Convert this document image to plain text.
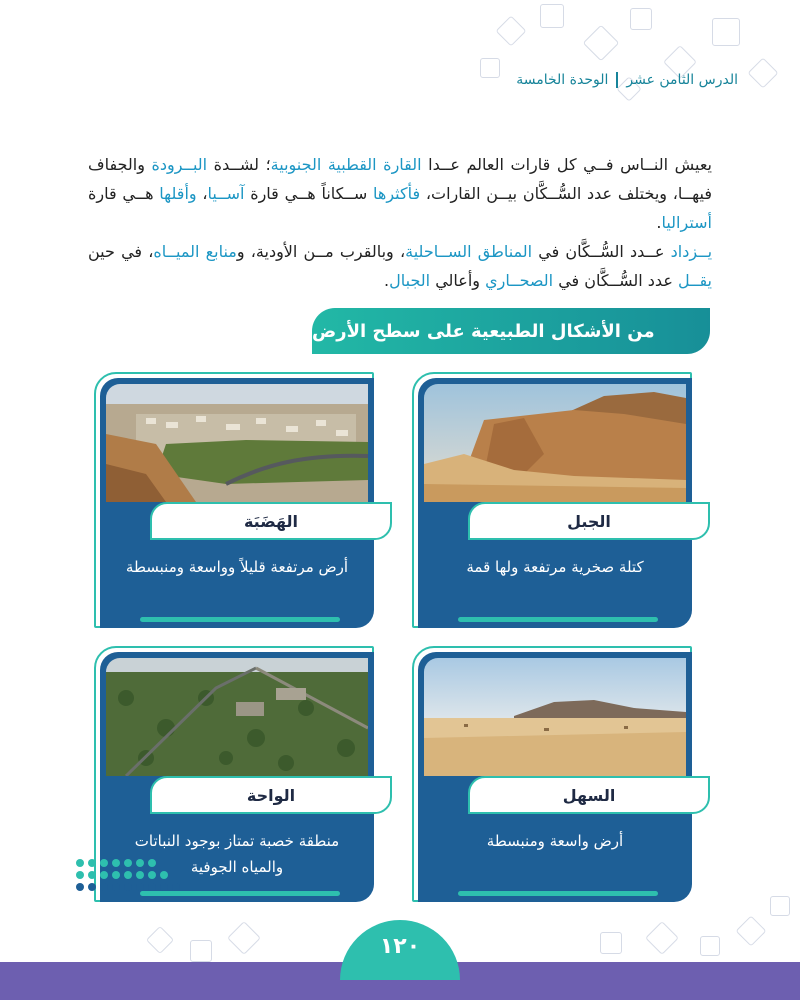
الوحدة الخامسة الدرس الثامن عشر

يعيش النــاس فــي كل قارات العالم عــدا القارة القطبية الجنوبية؛ لشــدة البــرودة والجفاف فيهــا، ويختلف عدد السُّــكَّان بيــن القارات، فأكثرها ســكاناً هــي قارة آســيا، وأقلها هــي قارة أستراليا.

يــزداد عــدد السُّــكَّان في المناطق الســاحلية، وبالقرب مــن الأودية، ومنابع الميــاه، في حين يقــل عدد السُّــكَّان في الصحــاري وأعالي الجبال.

من الأشكال الطبيعية على سطح الأرض
كتلة صخرية مرتفعة ولها قمة
الجبل
أرض مرتفعة قليلاً وواسعة ومنبسطة
الهَضَبَة
أرض واسعة ومنبسطة
السهل
منطقة خصبة تمتاز بوجود النباتات والمياه الجوفية
الواحة
١٢٠
